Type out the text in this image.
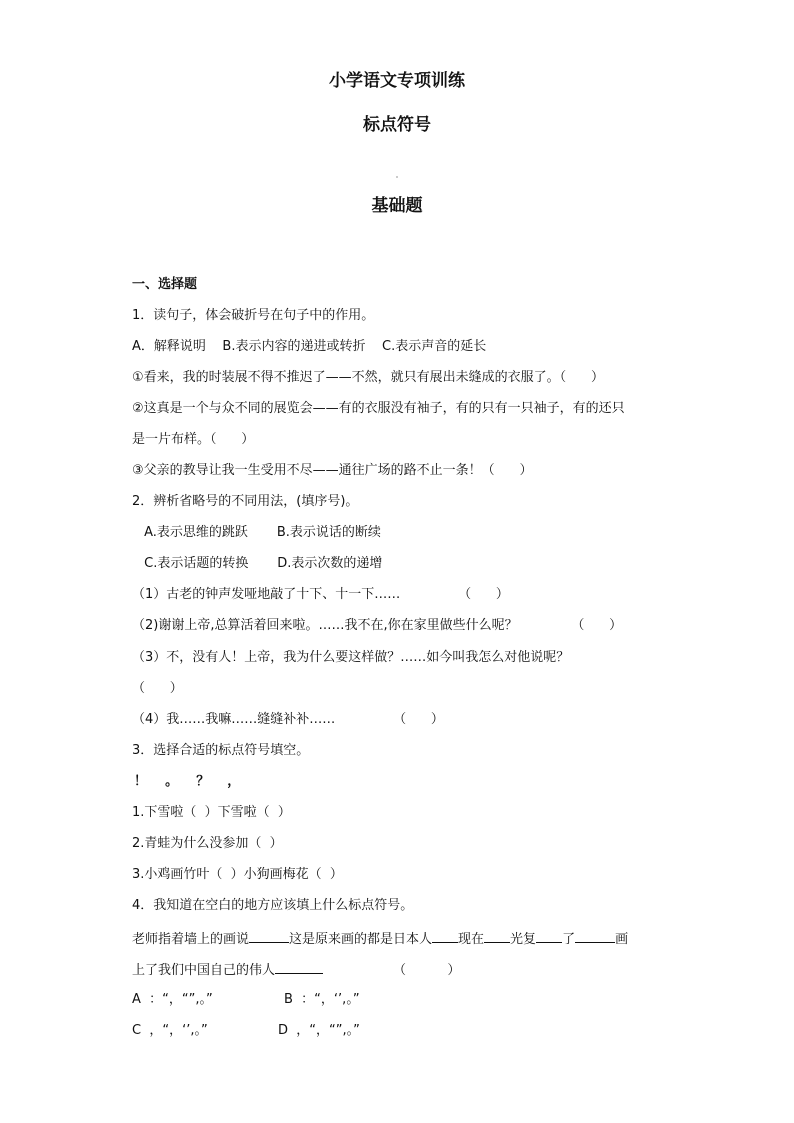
小学语文专项训练
标点符号
基础题
一、选择题
1．读句子，体会破折号在句子中的作用。
A．解释说明    B.表示内容的递进或转折    C.表示声音的延长
①看来，我的时装展不得不推迟了——不然，就只有展出未缝成的衣服了。（      ）
②这真是一个与众不同的展览会——有的衣服没有袖子，有的只有一只袖子，有的还只
是一片布样。（      ）
③父亲的教导让我一生受用不尽——通往广场的路不止一条！（      ）
2．辨析省略号的不同用法，(填序号)。
A.表示思维的跳跃       B.表示说话的断续
C.表示话题的转换       D.表示次数的递增
（1）古老的钟声发哑地敲了十下、十一下……              （      ）
（2)谢谢上帝,总算活着回来啦。……我不在,你在家里做些什么呢？             （      ）
（3）不，没有人！上帝，我为什么要这样做？……如今叫我怎么对他说呢？
（      ）
（4）我……我嘛……缝缝补补……              （      ）
3．选择合适的标点符号填空。
！    。    ？    ，
1.下雪啦（  ）下雪啦（  ）
2.青蛙为什么没参加（  ）
3.小鸡画竹叶（  ）小狗画梅花（  ）
4．我知道在空白的地方应该填上什么标点符号。
老师指着墙上的画说	这是原来画的都是日本人 现在 光复 了	画
上了我们中国自己的伟人	（          ）
A  ：“，“”,。”	B  ：“，‘’,。”
C  ，“，‘’,。”	D  ，“，“”,。”
